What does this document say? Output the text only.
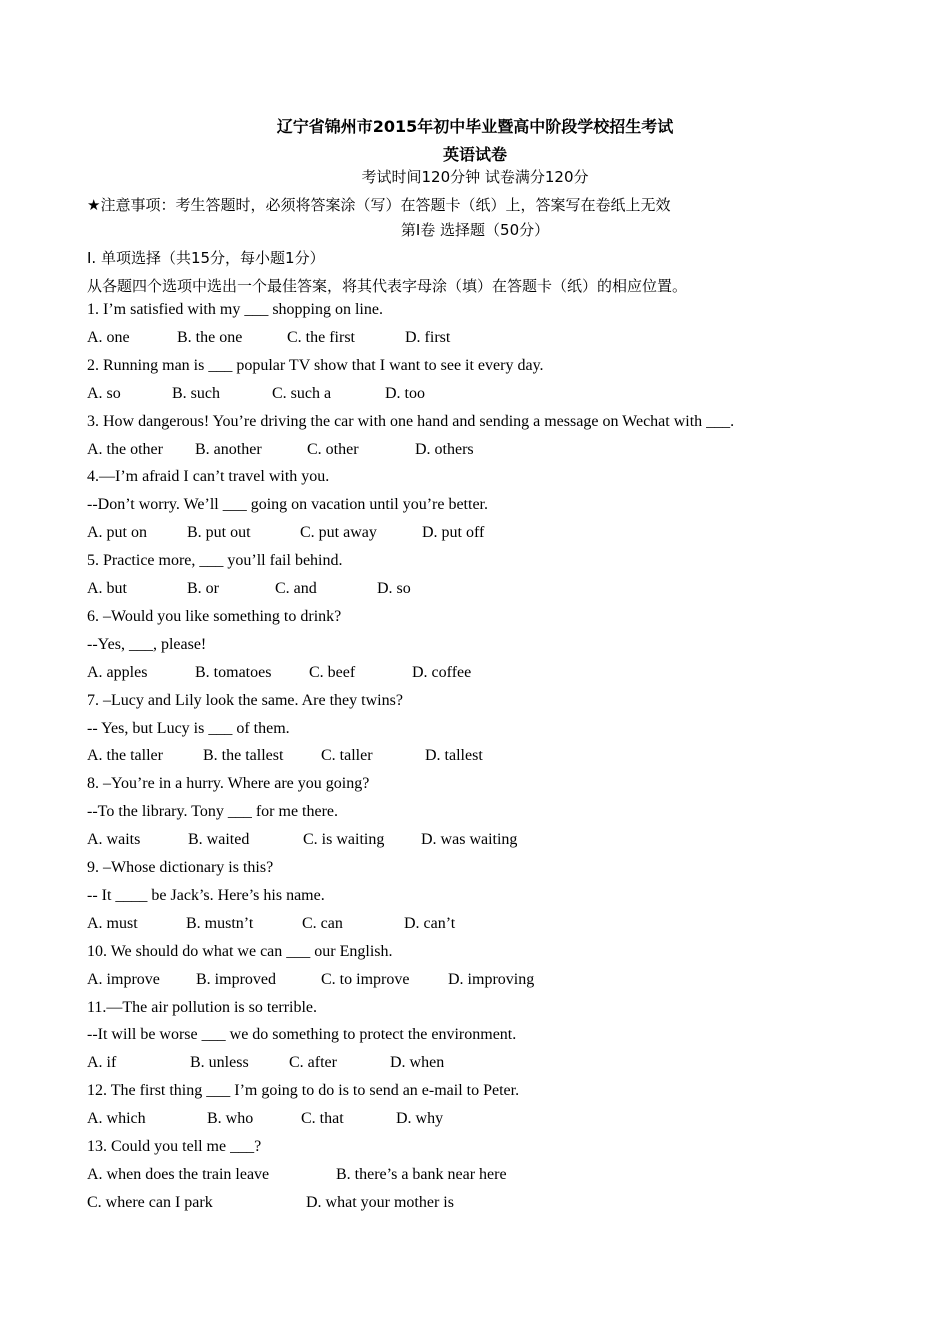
辽宁省锦州市2015年初中毕业暨高中阶段学校招生考试
英语试卷
考试时间120分钟 试卷满分120分
★注意事项：考生答题时，必须将答案涂（写）在答题卡（纸）上，答案写在卷纸上无效
第Ⅰ卷 选择题（50分）
Ⅰ. 单项选择（共15分，每小题1分）
从各题四个选项中选出一个最佳答案，将其代表字母涂（填）在答题卡（纸）的相应位置。
1. I’m satisfied with my ___ shopping on line.
A. one	B. the one	C. the first	D. first
2. Running man is ___ popular TV show that I want to see it every day.
A. so	B. such	C. such a	D. too
3. How dangerous! You’re driving the car with one hand and sending a message on Wechat with ___.
A. the other B. another	C. other	D. others
4.—I’m afraid I can’t travel with you.
--Don’t worry. We’ll ___ going on vacation until you’re better.
A. put on	B. put out	C. put away	D. put off
5. Practice more, ___ you’ll fail behind.
A. but	B. or	C. and	D. so
6. –Would you like something to drink?
--Yes, ___, please!
A. apples	B. tomatoes C. beef	D. coffee
7. –Lucy and Lily look the same. Are they twins?
-- Yes, but Lucy is ___ of them.
A. the taller	B. the tallest C. taller	D. tallest
8. –You’re in a hurry. Where are you going?
--To the library. Tony ___ for me there.
A. waits	B. waited	C. is waiting D. was waiting
9. –Whose dictionary is this?
-- It ____ be Jack’s. Here’s his name.
A. must	B. mustn’t	C. can	D. can’t
10. We should do what we can ___ our English.
A. improve B. improved	C. to improve D. improving
11.—The air pollution is so terrible.
--It will be worse ___ we do something to protect the environment.
A. if	B. unless	C. after	D. when
12. The first thing ___ I’m going to do is to send an e-mail to Peter.
A. which	B. who	C. that	D. why
13. Could you tell me ___?
A. when does the train leave	B. there’s a bank near here
C. where can I park	D. what your mother is
